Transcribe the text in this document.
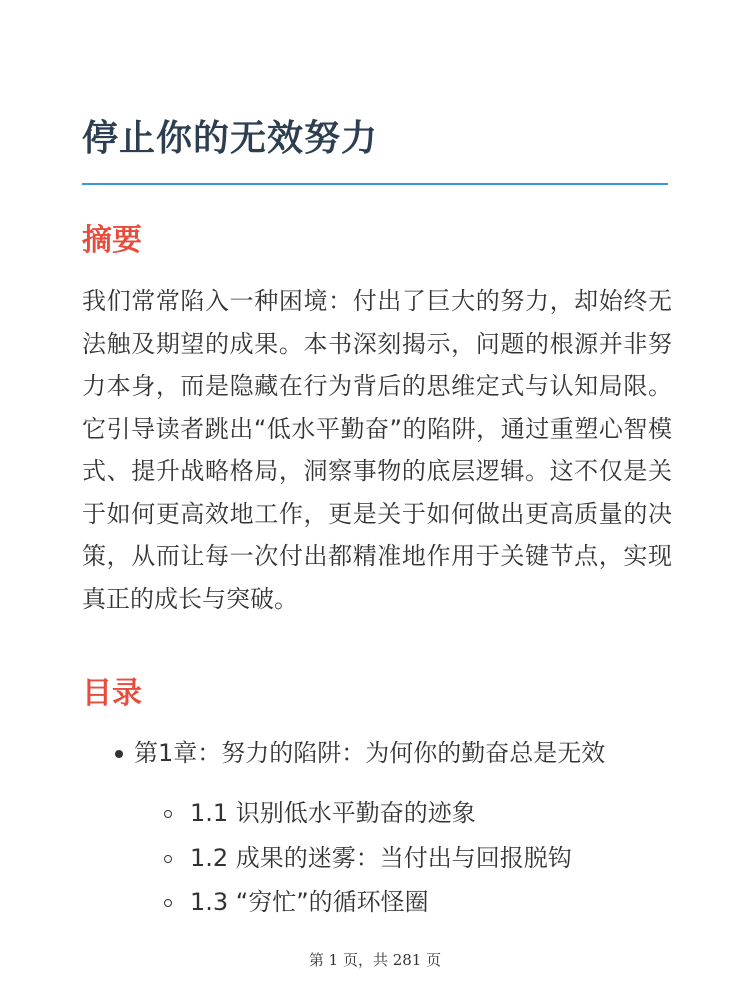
停止你的无效努力
摘要

我们常常陷入一种困境：付出了巨大的努力，却始终无法触及期望的成果。本书深刻揭示，问题的根源并非努力本身，而是隐藏在行为背后的思维定式与认知局限。它引导读者跳出“低水平勤奋”的陷阱，通过重塑心智模式、提升战略格局，洞察事物的底层逻辑。这不仅是关于如何更高效地工作，更是关于如何做出更高质量的决策，从而让每一次付出都精准地作用于关键节点，实现真正的成长与突破。

目录
第1章：努力的陷阱：为何你的勤奋总是无效
1.1 识别低水平勤奋的迹象
1.2 成果的迷雾：当付出与回报脱钩
1.3 “穷忙”的循环怪圈
第 1 页，共 281 页
